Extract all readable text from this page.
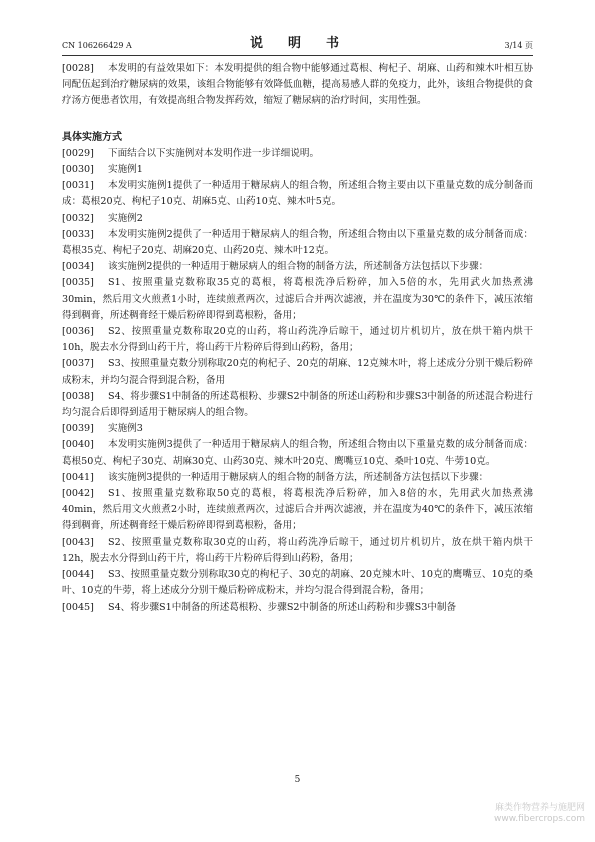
CN 106266429 A	说　明　书	3/14 页

[0028] 本发明的有益效果如下：本发明提供的组合物中能够通过葛根、枸杞子、胡麻、山药和辣木叶相互协同配伍起到治疗糖尿病的效果，该组合物能够有效降低血糖，提高易感人群的免疫力，此外，该组合物提供的食疗汤方便患者饮用，有效提高组合物发挥药效，缩短了糖尿病的治疗时间，实用性强。

具体实施方式

[0029] 下面结合以下实施例对本发明作进一步详细说明。

[0030] 实施例1

[0031] 本发明实施例1提供了一种适用于糖尿病人的组合物，所述组合物主要由以下重量克数的成分制备而成：葛根20克、枸杞子10克、胡麻5克、山药10克、辣木叶5克。

[0032] 实施例2

[0033] 本发明实施例2提供了一种适用于糖尿病人的组合物，所述组合物由以下重量克数的成分制备而成：葛根35克、枸杞子20克、胡麻20克、山药20克、辣木叶12克。

[0034] 该实施例2提供的一种适用于糖尿病人的组合物的制备方法，所述制备方法包括以下步骤：

[0035] S1、按照重量克数称取35克的葛根，将葛根洗净后粉碎，加入5倍的水，先用武火加热煮沸30min，然后用文火煎煮1小时，连续煎煮两次，过滤后合并两次滤液，并在温度为30℃的条件下，减压浓缩得到稠膏，所述稠膏经干燥后粉碎即得到葛根粉，备用；

[0036] S2、按照重量克数称取20克的山药，将山药洗净后晾干，通过切片机切片，放在烘干箱内烘干10h，脱去水分得到山药干片，将山药干片粉碎后得到山药粉，备用；

[0037] S3、按照重量克数分别称取20克的枸杞子、20克的胡麻、12克辣木叶，将上述成分分别干燥后粉碎成粉末，并均匀混合得到混合粉，备用

[0038] S4、将步骤S1中制备的所述葛根粉、步骤S2中制备的所述山药粉和步骤S3中制备的所述混合粉进行均匀混合后即得到适用于糖尿病人的组合物。

[0039] 实施例3

[0040] 本发明实施例3提供了一种适用于糖尿病人的组合物，所述组合物由以下重量克数的成分制备而成：葛根50克、枸杞子30克、胡麻30克、山药30克、辣木叶20克、鹰嘴豆10克、桑叶10克、牛蒡10克。

[0041] 该实施例3提供的一种适用于糖尿病人的组合物的制备方法，所述制备方法包括以下步骤：

[0042] S1、按照重量克数称取50克的葛根，将葛根洗净后粉碎，加入8倍的水，先用武火加热煮沸40min，然后用文火煎煮2小时，连续煎煮两次，过滤后合并两次滤液，并在温度为40℃的条件下，减压浓缩得到稠膏，所述稠膏经干燥后粉碎即得到葛根粉，备用；

[0043] S2、按照重量克数称取30克的山药，将山药洗净后晾干，通过切片机切片，放在烘干箱内烘干12h，脱去水分得到山药干片，将山药干片粉碎后得到山药粉，备用；

[0044] S3、按照重量克数分别称取30克的枸杞子、30克的胡麻、20克辣木叶、10克的鹰嘴豆、10克的桑叶、10克的牛蒡，将上述成分分别干燥后粉碎成粉末，并均匀混合得到混合粉，备用；

[0045] S4、将步骤S1中制备的所述葛根粉、步骤S2中制备的所述山药粉和步骤S3中制备

5
麻类作物营养与施肥网
www.fibercrops.com
